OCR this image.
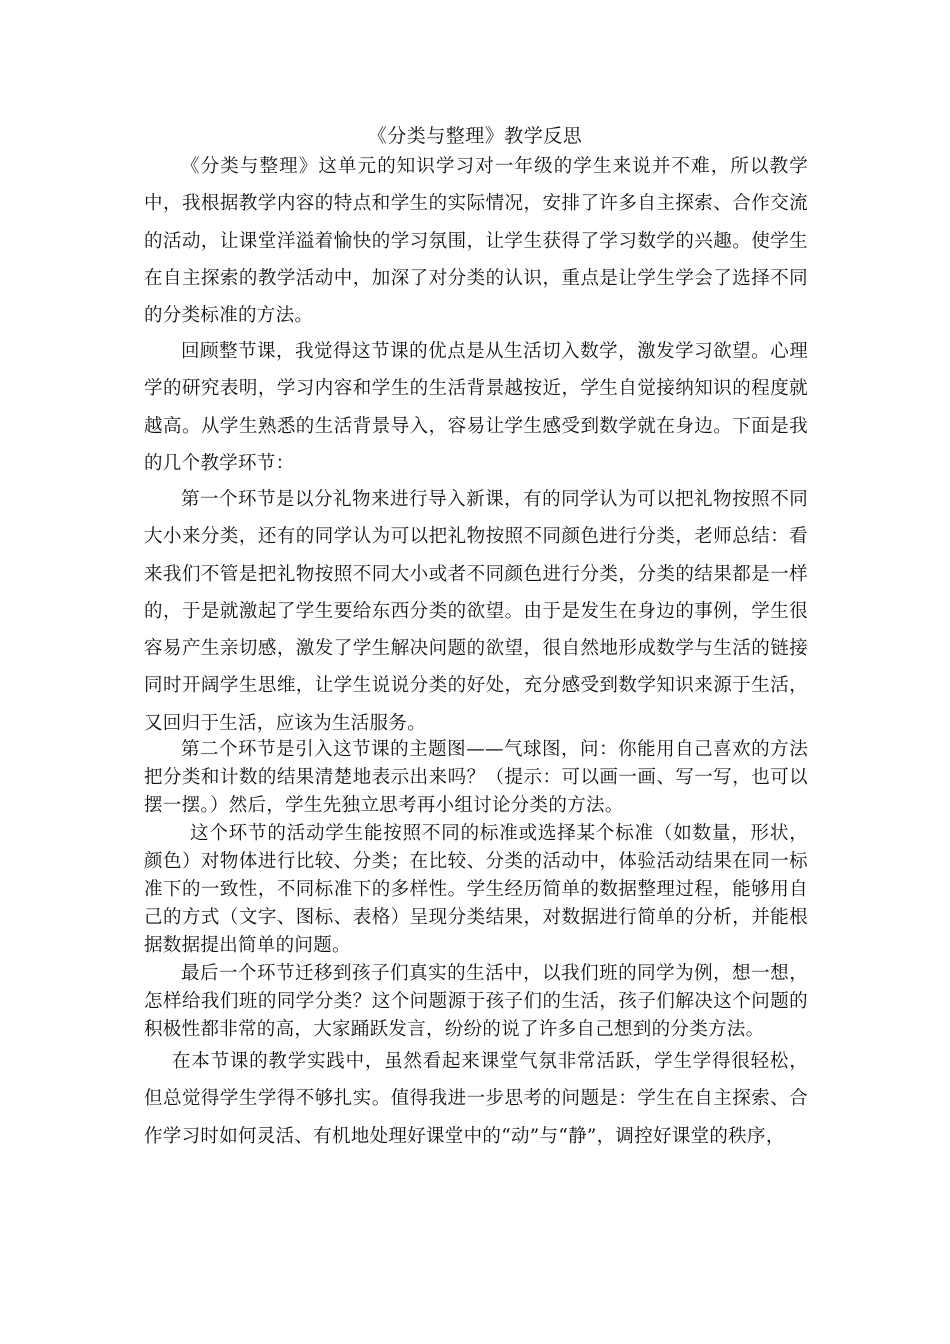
《分类与整理》教学反思

《分类与整理》这单元的知识学习对一年级的学生来说并不难，所以教学中，我根据教学内容的特点和学生的实际情况，安排了许多自主探索、合作交流的活动，让课堂洋溢着愉快的学习氛围，让学生获得了学习数学的兴趣。使学生在自主探索的教学活动中，加深了对分类的认识，重点是让学生学会了选择不同的分类标准的方法。

回顾整节课，我觉得这节课的优点是从生活切入数学，激发学习欲望。心理学的研究表明，学习内容和学生的生活背景越按近，学生自觉接纳知识的程度就越高。从学生熟悉的生活背景导入，容易让学生感受到数学就在身边。下面是我的几个教学环节：

第一个环节是以分礼物来进行导入新课，有的同学认为可以把礼物按照不同大小来分类，还有的同学认为可以把礼物按照不同颜色进行分类，老师总结：看来我们不管是把礼物按照不同大小或者不同颜色进行分类，分类的结果都是一样的，于是就激起了学生要给东西分类的欲望。由于是发生在身边的事例，学生很容易产生亲切感，激发了学生解决问题的欲望，很自然地形成数学与生活的链接同时开阔学生思维，让学生说说分类的好处，充分感受到数学知识来源于生活，又回归于生活，应该为生活服务。

第二个环节是引入这节课的主题图——气球图，问：你能用自己喜欢的方法把分类和计数的结果清楚地表示出来吗？（提示：可以画一画、写一写，也可以摆一摆。）然后，学生先独立思考再小组讨论分类的方法。

这个环节的活动学生能按照不同的标准或选择某个标准（如数量，形状，颜色）对物体进行比较、分类；在比较、分类的活动中，体验活动结果在同一标准下的一致性，不同标准下的多样性。学生经历简单的数据整理过程，能够用自己的方式（文字、图标、表格）呈现分类结果，对数据进行简单的分析，并能根据数据提出简单的问题。

最后一个环节迁移到孩子们真实的生活中，以我们班的同学为例，想一想，怎样给我们班的同学分类？这个问题源于孩子们的生活，孩子们解决这个问题的积极性都非常的高，大家踊跃发言，纷纷的说了许多自己想到的分类方法。

在本节课的教学实践中，虽然看起来课堂气氛非常活跃，学生学得很轻松，但总觉得学生学得不够扎实。值得我进一步思考的问题是：学生在自主探索、合作学习时如何灵活、有机地处理好课堂中的“动”与“静”，调控好课堂的秩序，
